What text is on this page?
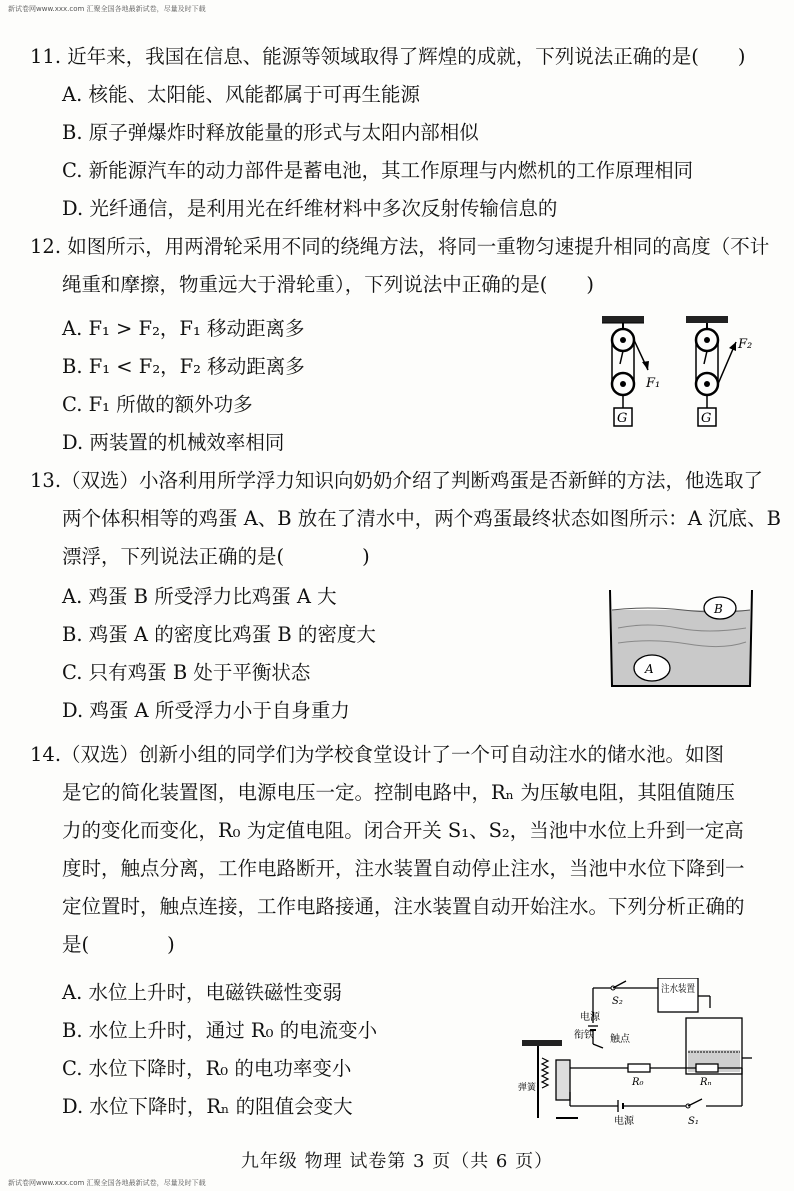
新试卷网www.xxx.com 汇聚全国各地最新试卷，尽量及时下载
11. 近年来，我国在信息、能源等领域取得了辉煌的成就，下列说法正确的是(　　)
A. 核能、太阳能、风能都属于可再生能源
B. 原子弹爆炸时释放能量的形式与太阳内部相似
C. 新能源汽车的动力部件是蓄电池，其工作原理与内燃机的工作原理相同
D. 光纤通信，是利用光在纤维材料中多次反射传输信息的
12. 如图所示，用两滑轮采用不同的绕绳方法，将同一重物匀速提升相同的高度（不计
绳重和摩擦，物重远大于滑轮重），下列说法中正确的是(　　)
A. F₁ > F₂，F₁ 移动距离多
B. F₁ < F₂，F₂ 移动距离多
C. F₁ 所做的额外功多
D. 两装置的机械效率相同
F₁
G
F₂
G
13.（双选）小洛利用所学浮力知识向奶奶介绍了判断鸡蛋是否新鲜的方法，他选取了
两个体积相等的鸡蛋 A、B 放在了清水中，两个鸡蛋最终状态如图所示：A 沉底、B
漂浮，下列说法正确的是(　　　　)
A. 鸡蛋 B 所受浮力比鸡蛋 A 大
B. 鸡蛋 A 的密度比鸡蛋 B 的密度大
C. 只有鸡蛋 B 处于平衡状态
D. 鸡蛋 A 所受浮力小于自身重力
B
A
14.（双选）创新小组的同学们为学校食堂设计了一个可自动注水的储水池。如图
是它的简化装置图，电源电压一定。控制电路中，Rₙ 为压敏电阻，其阻值随压
力的变化而变化，R₀ 为定值电阻。闭合开关 S₁、S₂，当池中水位上升到一定高
度时，触点分离，工作电路断开，注水装置自动停止注水，当池中水位下降到一
定位置时，触点连接，工作电路接通，注水装置自动开始注水。下列分析正确的
是(　　　　)
A. 水位上升时，电磁铁磁性变弱
B. 水位上升时，通过 R₀ 的电流变小
C. 水位下降时，R₀ 的电功率变小
D. 水位下降时，Rₙ 的阻值会变大
S₂
注水装置
电源
触点
衔铁
弹簧	R₀	Rₙ
电源	S₁
九年级 物理 试卷第 3 页（共 6 页）
新试卷网www.xxx.com 汇聚全国各地最新试卷，尽量及时下载
